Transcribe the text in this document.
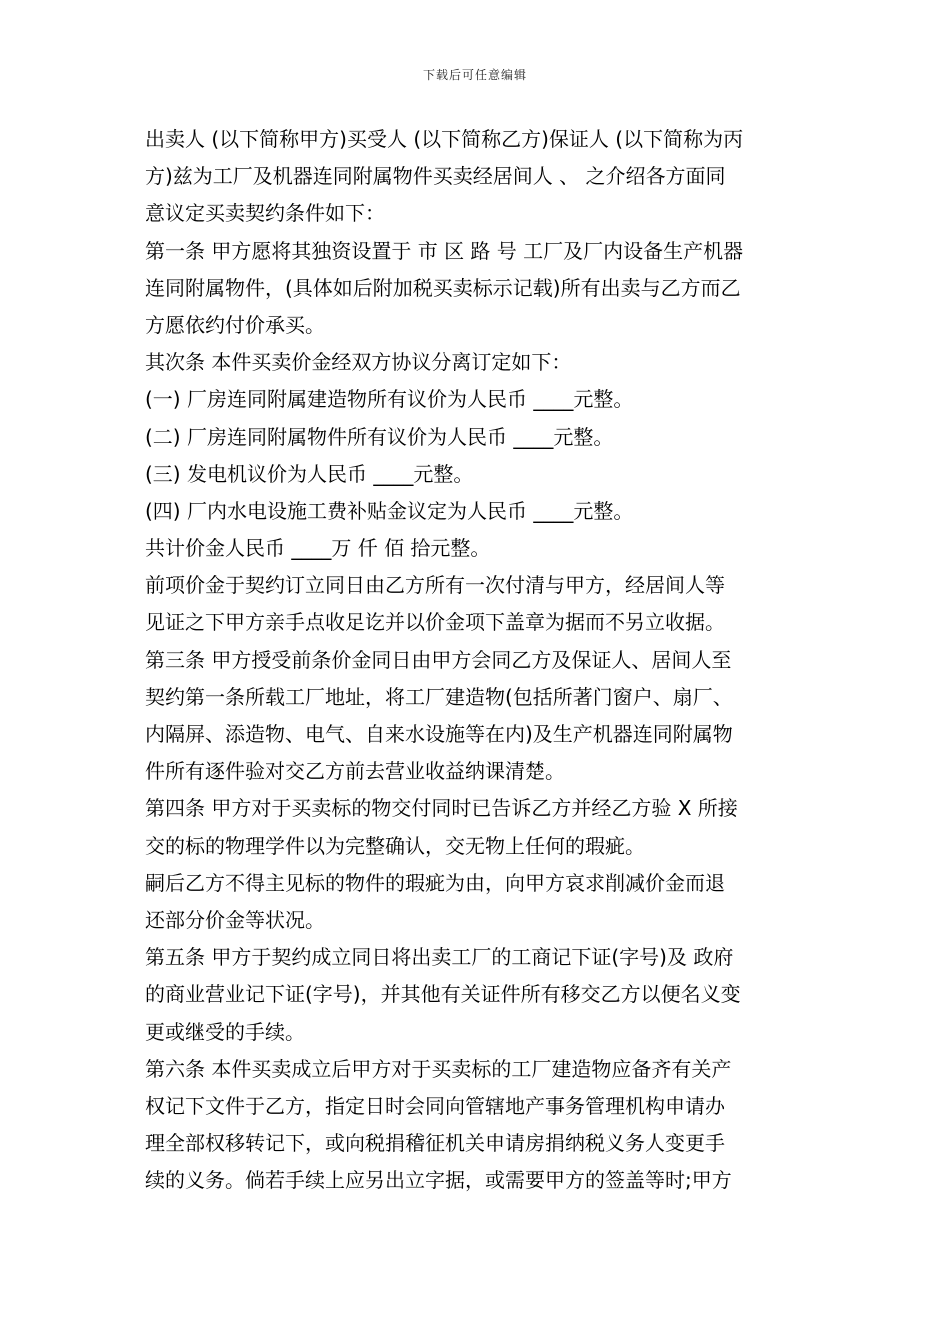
下载后可任意编辑
出卖人 (以下简称甲方)买受人 (以下简称乙方)保证人 (以下简称为丙
方)兹为工厂及机器连同附属物件买卖经居间人 、 之介绍各方面同
意议定买卖契约条件如下：
第一条 甲方愿将其独资设置于 市 区 路 号 工厂及厂内设备生产机器
连同附属物件，(具体如后附加税买卖标示记载)所有出卖与乙方而乙
方愿依约付价承买。
其次条 本件买卖价金经双方协议分离订定如下：
(一) 厂房连同附属建造物所有议价为人民币 ____元整。
(二) 厂房连同附属物件所有议价为人民币 ____元整。
(三) 发电机议价为人民币 ____元整。
(四) 厂内水电设施工费补贴金议定为人民币 ____元整。
共计价金人民币 ____万 仟 佰 拾元整。
前项价金于契约订立同日由乙方所有一次付清与甲方，经居间人等
见证之下甲方亲手点收足讫并以价金项下盖章为据而不另立收据。
第三条 甲方授受前条价金同日由甲方会同乙方及保证人、居间人至
契约第一条所载工厂地址，将工厂建造物(包括所著门窗户、扇厂、
内隔屏、添造物、电气、自来水设施等在内)及生产机器连同附属物
件所有逐件验对交乙方前去营业收益纳课清楚。
第四条 甲方对于买卖标的物交付同时已告诉乙方并经乙方验 X 所接
交的标的物理学件以为完整确认，交无物上任何的瑕疵。
嗣后乙方不得主见标的物件的瑕疵为由，向甲方哀求削减价金而退
还部分价金等状况。
第五条 甲方于契约成立同日将出卖工厂的工商记下证(字号)及 政府
的商业营业记下证(字号)，并其他有关证件所有移交乙方以便名义变
更或继受的手续。
第六条 本件买卖成立后甲方对于买卖标的工厂建造物应备齐有关产
权记下文件于乙方，指定日时会同向管辖地产事务管理机构申请办
理全部权移转记下，或向税捐稽征机关申请房捐纳税义务人变更手
续的义务。倘若手续上应另出立字据，或需要甲方的签盖等时;甲方
